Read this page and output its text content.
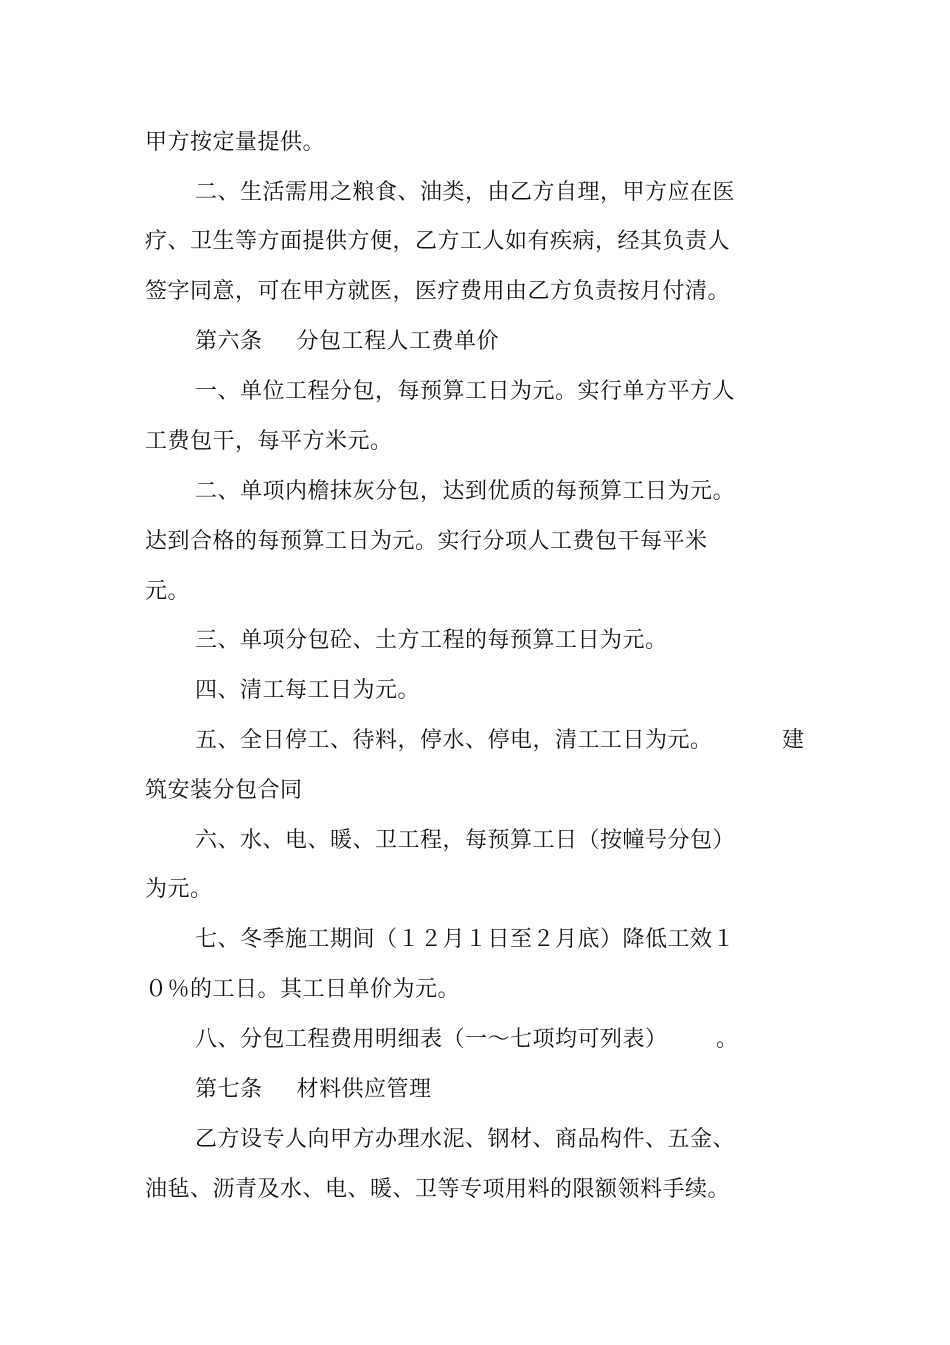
甲方按定量提供。
二、生活需用之粮食、油类，由乙方自理，甲方应在医
疗、卫生等方面提供方便，乙方工人如有疾病，经其负责人
签字同意，可在甲方就医，医疗费用由乙方负责按月付清。
第六条 分包工程人工费单价
一、单位工程分包，每预算工日为元。实行单方平方人
工费包干，每平方米元。
二、单项内檐抹灰分包，达到优质的每预算工日为元。
达到合格的每预算工日为元。实行分项人工费包干每平米
元。
三、单项分包砼、土方工程的每预算工日为元。
四、清工每工日为元。
五、全日停工、待料，停水、停电，清工工日为元。	建
筑安装分包合同
六、水、电、暖、卫工程，每预算工日（按幢号分包）
为元。
七、冬季施工期间（１２月１日至２月底）降低工效１
０％的工日。其工日单价为元。
八、分包工程费用明细表（一～七项均可列表） 。
第七条 材料供应管理
乙方设专人向甲方办理水泥、钢材、商品构件、五金、
油毡、沥青及水、电、暖、卫等专项用料的限额领料手续。
